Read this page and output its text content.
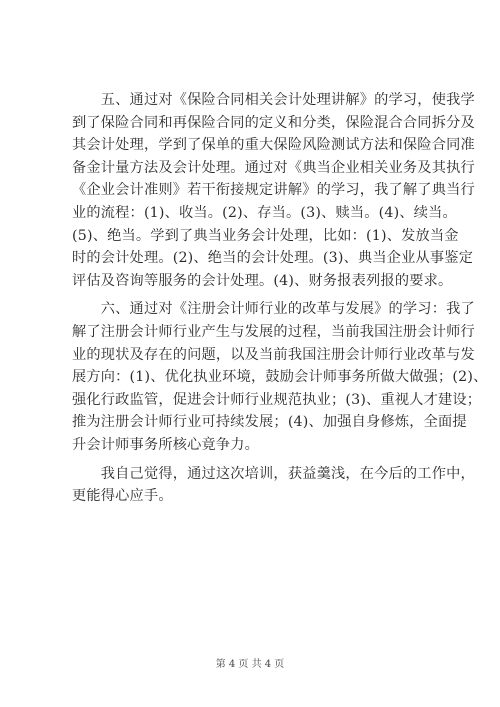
　　五、通过对《保险合同相关会计处理讲解》的学习，使我学
到了保险合同和再保险合同的定义和分类，保险混合合同拆分及
其会计处理，学到了保单的重大保险风险测试方法和保险合同准
备金计量方法及会计处理。通过对《典当企业相关业务及其执行
《企业会计准则》若干衔接规定讲解》的学习，我了解了典当行
业的流程：(1)、收当。(2)、存当。(3)、赎当。(4)、续当。
(5)、绝当。学到了典当业务会计处理，比如：(1)、发放当金
时的会计处理。(2)、绝当的会计处理。(3)、典当企业从事鉴定
评估及咨询等服务的会计处理。(4)、财务报表列报的要求。
　　六、通过对《注册会计师行业的改革与发展》的学习：我了
解了注册会计师行业产生与发展的过程，当前我国注册会计师行
业的现状及存在的问题，以及当前我国注册会计师行业改革与发
展方向：(1)、优化执业环境，鼓励会计师事务所做大做强；(2)、
强化行政监管，促进会计师行业规范执业；(3)、重视人才建设；
推为注册会计师行业可持续发展；(4)、加强自身修炼，全面提
升会计师事务所核心竟争力。
　　我自己觉得，通过这次培训，获益羹浅，在今后的工作中，
更能得心应手。
第 4 页 共 4 页
